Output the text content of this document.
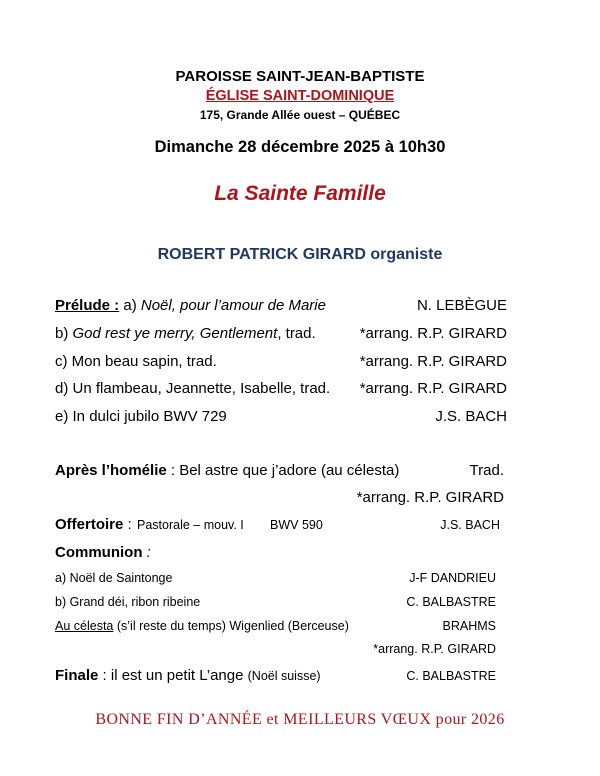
PAROISSE SAINT-JEAN-BAPTISTE
ÉGLISE SAINT-DOMINIQUE
175, Grande Allée ouest – QUÉBEC
Dimanche 28 décembre 2025 à 10h30
La Sainte Famille
ROBERT PATRICK GIRARD organiste
Prélude : a) Noël, pour l’amour de Marie	N. LEBÈGUE
b) God rest ye merry, Gentlement, trad.	*arrang. R.P. GIRARD
c) Mon beau sapin, trad.	*arrang. R.P. GIRARD
d) Un flambeau, Jeannette, Isabelle, trad. *arrang. R.P. GIRARD
e) In dulci jubilo BWV 729	J.S. BACH
Après l’homélie : Bel astre que j’adore (au célesta)	Trad.
*arrang. R.P. GIRARD
Offertoire : Pastorale – mouv. I BWV 590	J.S. BACH
Communion :
a) Noël de Saintonge	J-F DANDRIEU
b) Grand déi, ribon ribeine	C. BALBASTRE
Au célesta (s’il reste du temps) Wigenlied (Berceuse)	BRAHMS
*arrang. R.P. GIRARD
Finale : il est un petit L’ange (Noël suisse)	C. BALBASTRE
BONNE FIN D’ANNÉE et MEILLEURS VŒUX pour 2026
